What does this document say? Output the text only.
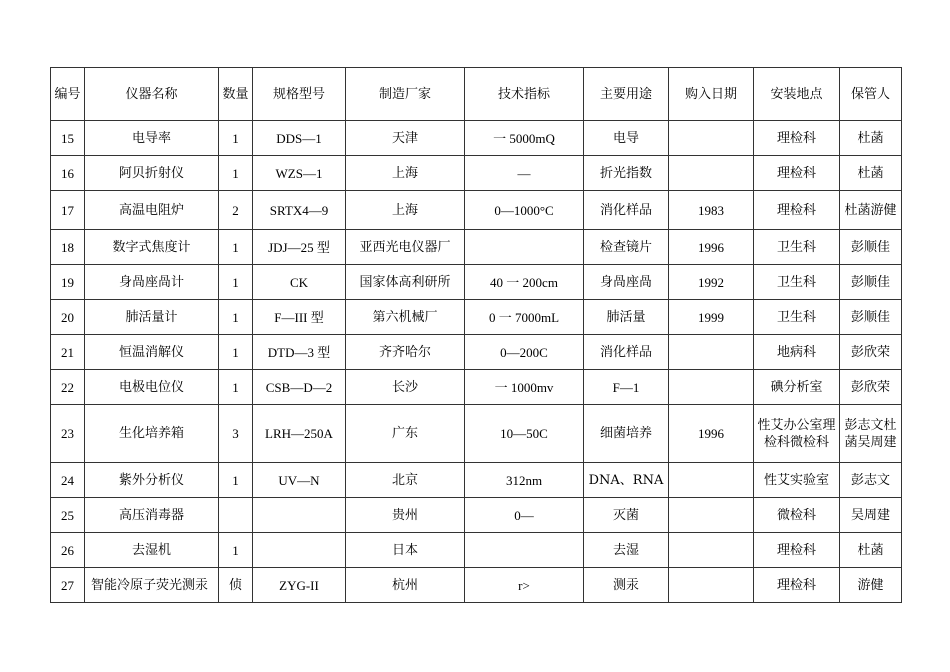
编号	仪器名称	数量	规格型号	制造厂家	技术指标	主要用途	购入日期	安装地点	保管人
15	电导率	1	DDS—1	天津	一 5000mQ	电导		理检科	杜菡
16	阿贝折射仪	1	WZS—1	上海	—	折光指数		理检科	杜菡
17	高温电阻炉	2	SRTX4—9	上海	0—1000°C	消化样品	1983	理检科	杜菡游健
18	数字式焦度计	1	JDJ—25 型	亚西光电仪器厂		检查镜片	1996	卫生科	彭顺佳
19	身咼座咼计	1	CK	国家体高利研所	40 一 200cm	身咼座咼	1992	卫生科	彭顺佳
20	肺活量计	1	F—III 型	第六机械厂	0 一 7000mL	肺活量	1999	卫生科	彭顺佳
21	恒温消解仪	1	DTD—3 型	齐齐哈尔	0—200C	消化样品		地病科	彭欣荣
22	电极电位仪	1	CSB—D—2	长沙	一 1000mv	F—1		碘分析室	彭欣荣
23	生化培养箱	3	LRH—250A	广东	10—50C	细菌培养	1996	性艾办公室理检科微检科	彭志文杜菡吴周建
24	紫外分析仪	1	UV—N	北京	312nm	DNA、RNA		性艾实验室	彭志文
25	高压消毒器			贵州	0—	灭菌		微检科	吴周建
26	去湿机	1		日本		去湿		理检科	杜菡
27	智能冷原子荧光测汞	侦	ZYG-II	杭州	r>	测汞		理检科	游健
